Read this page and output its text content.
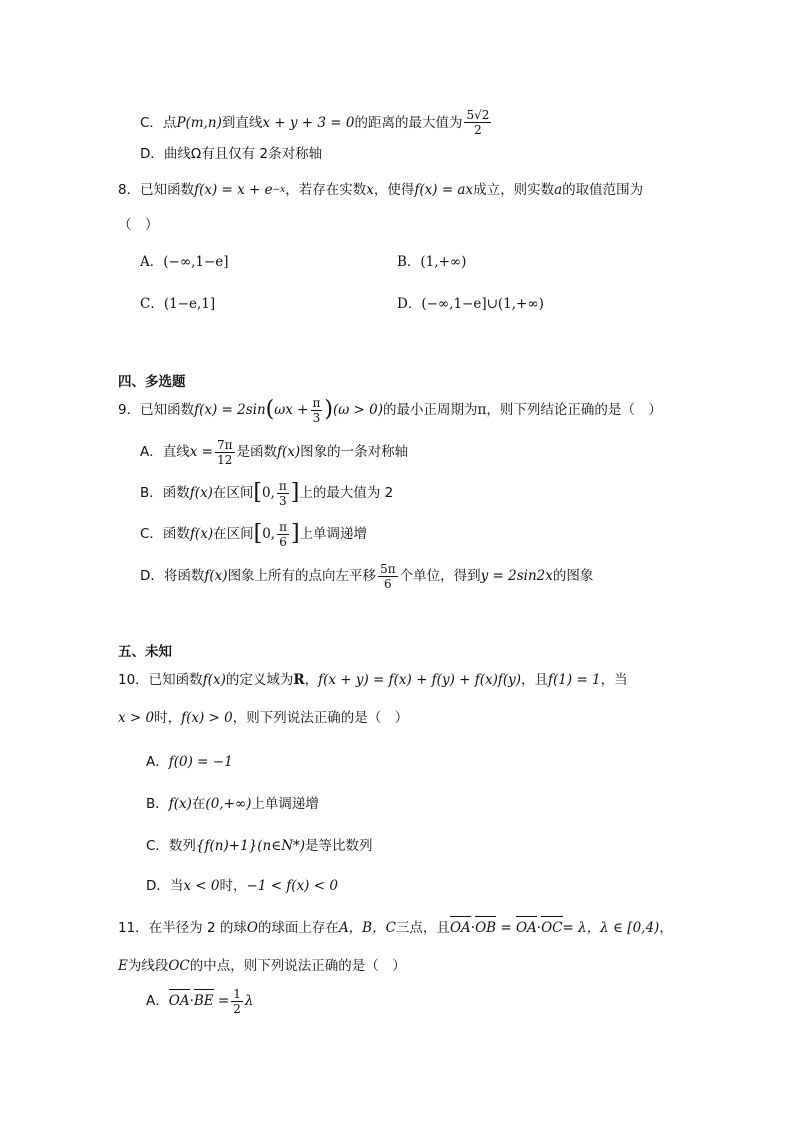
C．点 P(m,n) 到直线 x + y + 3 = 0 的距离的最大值为 $\frac{5√2}{2}$
D．曲线Ω有且仅有 2条对称轴
8．已知函数 f(x) = x + e −x ，若存在实数 x ，使得 f(x) = ax 成立，则实数 a 的取值范围为
（　）
A．(−∞,1−e]	B．(1,+∞)
C．(1−e,1]	D．(−∞,1−e]∪(1,+∞)
四、多选题
9．已知函数 f(x) = 2sin ( $\omega x + \frac{\pi}{3}$ ) (ω > 0) 的最小正周期为 π ，则下列结论正确的是（　）
A．直线 $x = \frac{7\pi}{12}$ 是函数 f(x) 图象的一条对称轴
B．函数 f(x) 在区间 [ 0, $\frac{\pi}{3}$ ] 上的最大值为 2
C．函数 f(x) 在区间 [ 0, $\frac{\pi}{6}$ ] 上单调递增
D．将函数 f(x) 图象上所有的点向左平移 $\frac{5\pi}{6}$ 个单位，得到 y = 2sin2x 的图象
五、未知
10．已知函数 f(x) 的定义域为 R ， f(x + y) = f(x) + f(y) + f(x)f(y) ，且 f(1) = 1 ，当
x > 0 时， f(x) > 0 ，则下列说法正确的是（　）
A． f(0) = −1
B． f(x) 在 (0,+∞) 上单调递增
C．数列 {f(n)+1}(n∈N*) 是等比数列
D．当 x < 0 时， −1 < f(x) < 0
11．在半径为 2 的球 O 的球面上存在 A，B，C 三点，且 OA · OB = OA · OC = λ， λ ∈ [0,4) ，
E 为线段 OC 的中点，则下列说法正确的是（　）
A． OA · BE
= $\frac{1}{2}$ λ
